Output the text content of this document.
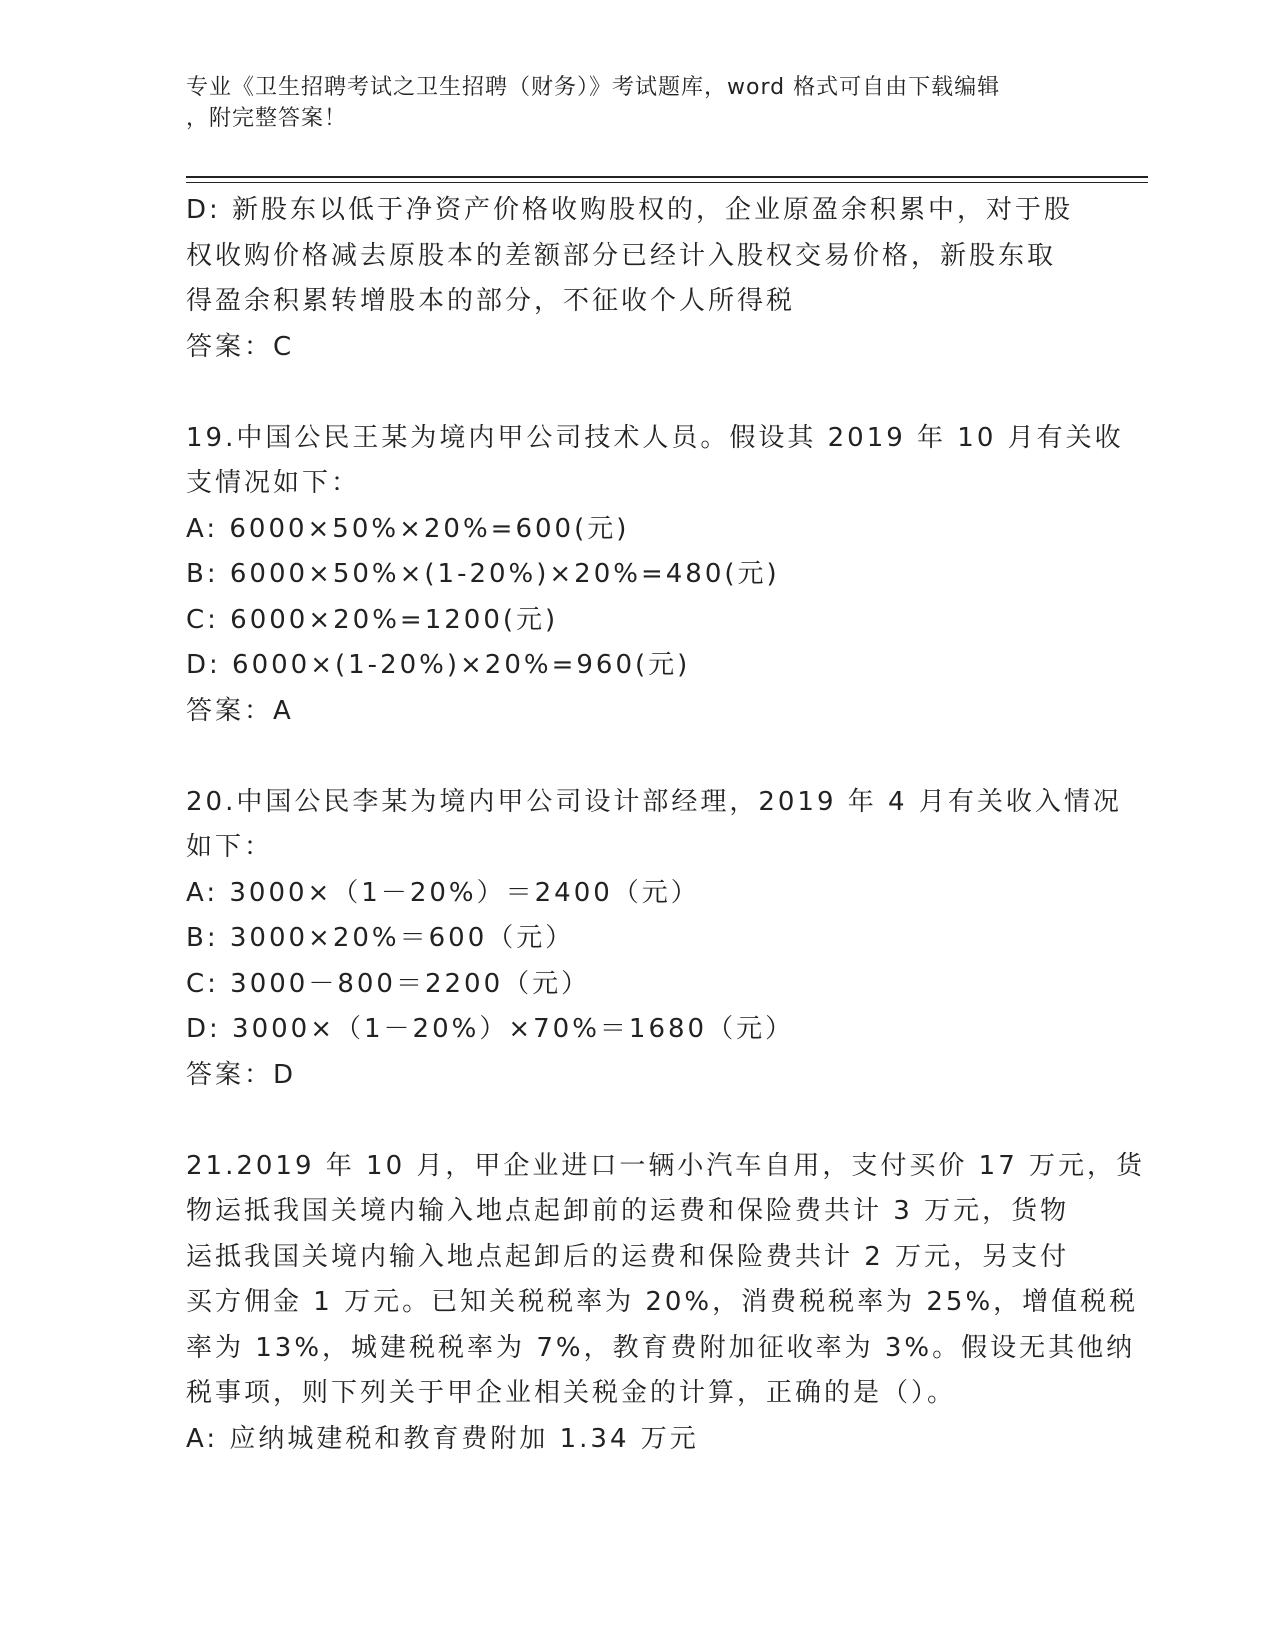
专业《卫生招聘考试之卫生招聘（财务）》考试题库，word 格式可自由下载编辑
，附完整答案！
D: 新股东以低于净资产价格收购股权的，企业原盈余积累中，对于股
权收购价格减去原股本的差额部分已经计入股权交易价格，新股东取
得盈余积累转增股本的部分，不征收个人所得税
答案：C
19.中国公民王某为境内甲公司技术人员。假设其 2019 年 10 月有关收
支情况如下：
A: 6000×50%×20%=600(元)
B: 6000×50%×(1-20%)×20%=480(元)
C: 6000×20%=1200(元)
D: 6000×(1-20%)×20%=960(元)
答案：A
20.中国公民李某为境内甲公司设计部经理，2019 年 4 月有关收入情况
如下：
A: 3000×（1－20%）＝2400（元）
B: 3000×20%＝600（元）
C: 3000－800＝2200（元）
D: 3000×（1－20%）×70%＝1680（元）
答案：D
21.2019 年 10 月，甲企业进口一辆小汽车自用，支付买价 17 万元，货
物运抵我国关境内输入地点起卸前的运费和保险费共计 3 万元，货物
运抵我国关境内输入地点起卸后的运费和保险费共计 2 万元，另支付
买方佣金 1 万元。已知关税税率为 20%，消费税税率为 25%，增值税税
率为 13%，城建税税率为 7%，教育费附加征收率为 3%。假设无其他纳
税事项，则下列关于甲企业相关税金的计算，正确的是（）。
A: 应纳城建税和教育费附加 1.34 万元
